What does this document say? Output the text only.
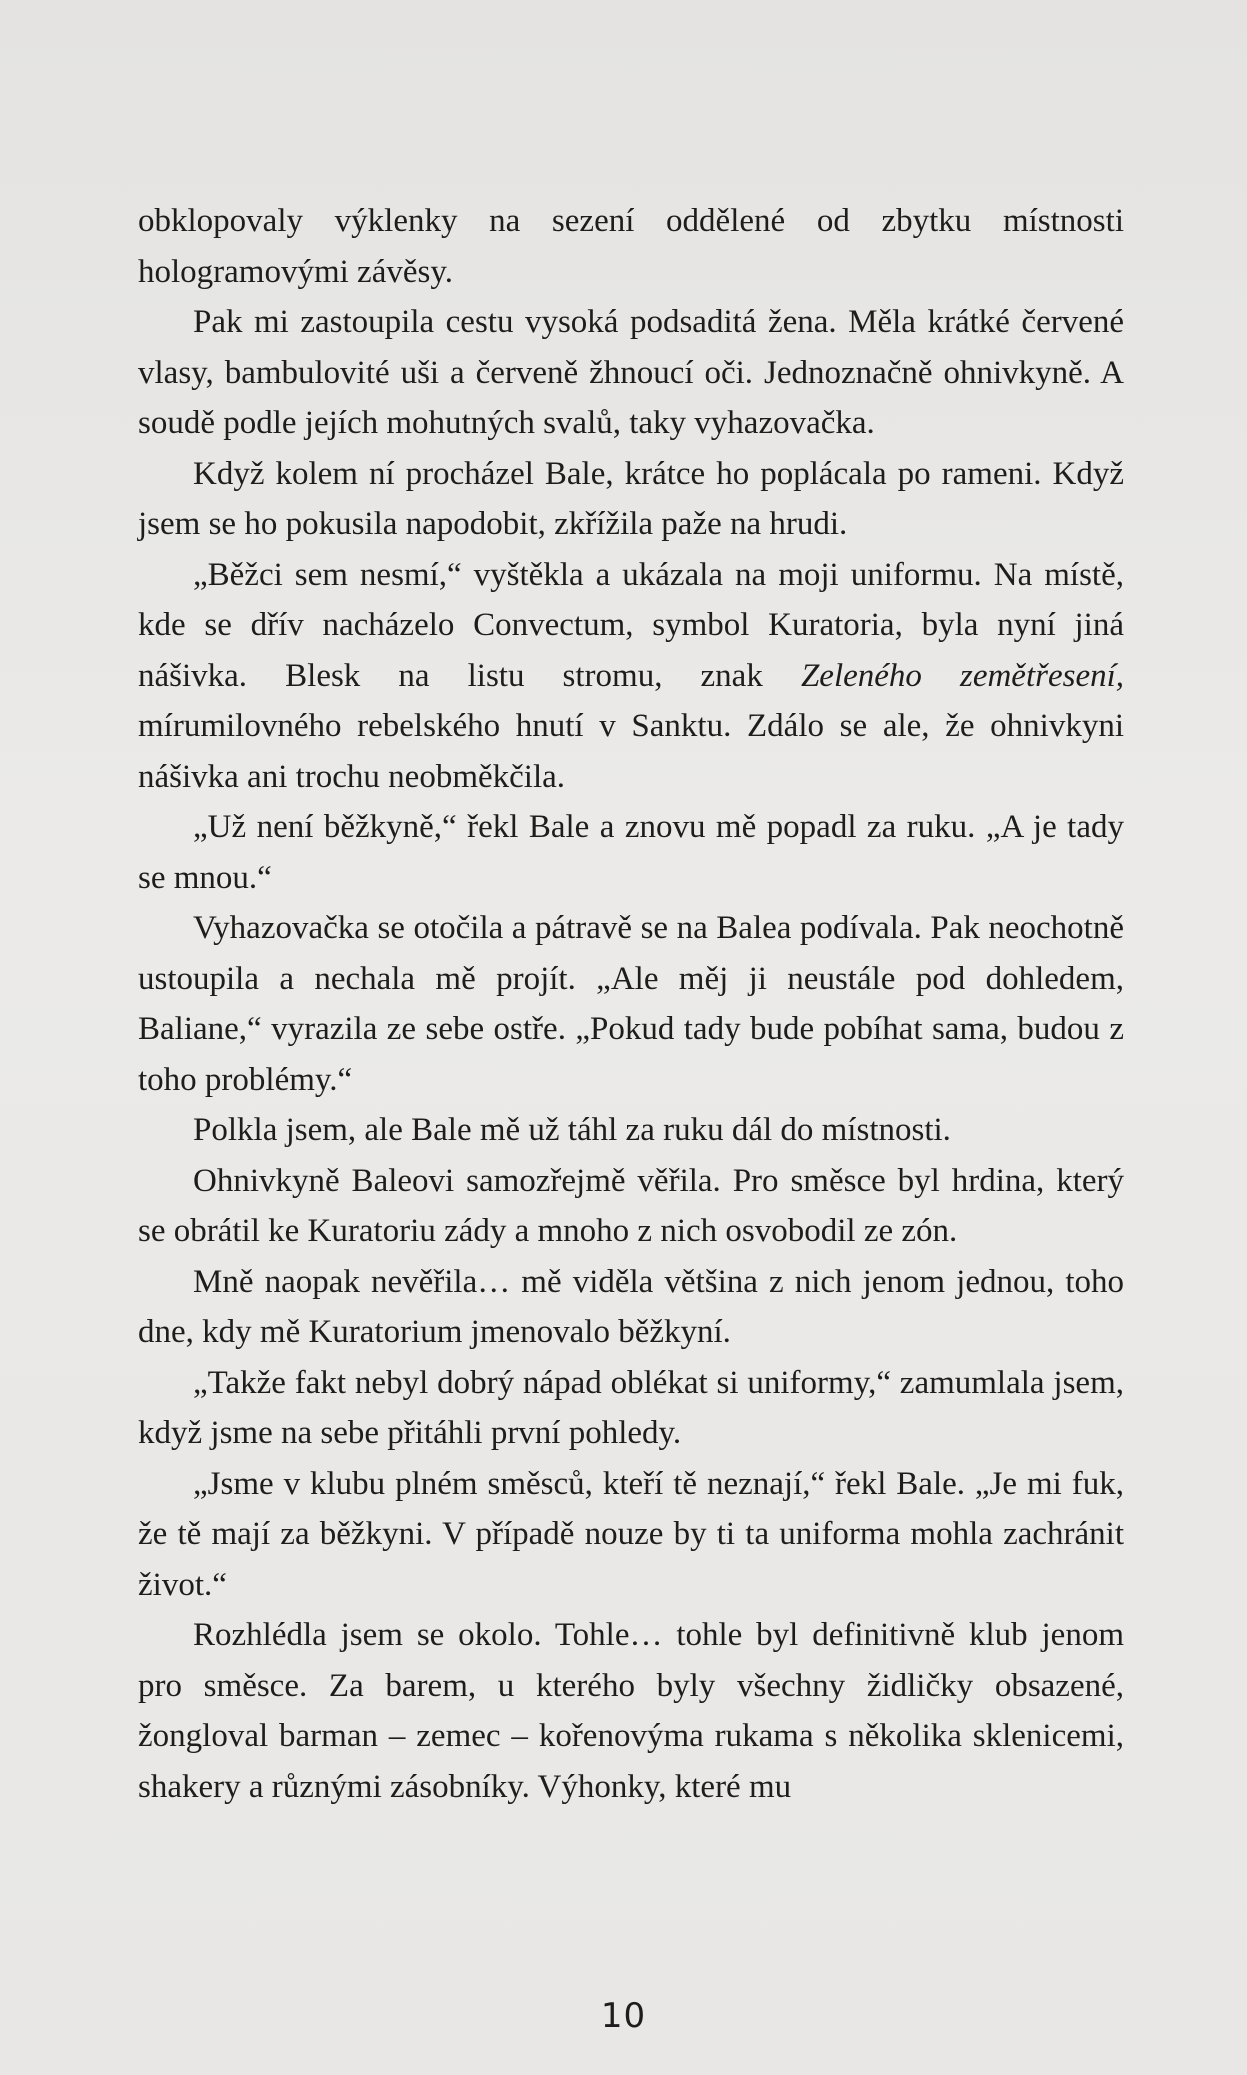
obklopovaly výklenky na sezení oddělené od zbytku místnosti hologramovými závěsy.

Pak mi zastoupila cestu vysoká podsaditá žena. Měla krátké červené vlasy, bambulovité uši a červeně žhnoucí oči. Jednoznačně ohnivkyně. A soudě podle jejích mohutných svalů, taky vyhazovačka.

Když kolem ní procházel Bale, krátce ho poplácala po rameni. Když jsem se ho pokusila napodobit, zkřížila paže na hrudi.

„Běžci sem nesmí,“ vyštěkla a ukázala na moji uniformu. Na místě, kde se dřív nacházelo Convectum, symbol Kuratoria, byla nyní jiná nášivka. Blesk na listu stromu, znak Zeleného zemětřesení, mírumilovného rebelského hnutí v Sanktu. Zdálo se ale, že ohnivkyni nášivka ani trochu neobměkčila.

„Už není běžkyně,“ řekl Bale a znovu mě popadl za ruku. „A je tady se mnou.“

Vyhazovačka se otočila a pátravě se na Balea podívala. Pak neochotně ustoupila a nechala mě projít. „Ale měj ji neustále pod dohledem, Baliane,“ vyrazila ze sebe ostře. „Pokud tady bude pobíhat sama, budou z toho problémy.“

Polkla jsem, ale Bale mě už táhl za ruku dál do místnosti.

Ohnivkyně Baleovi samozřejmě věřila. Pro směsce byl hrdina, který se obrátil ke Kuratoriu zády a mnoho z nich osvobodil ze zón.

Mně naopak nevěřila… mě viděla většina z nich jenom jednou, toho dne, kdy mě Kuratorium jmenovalo běžkyní.

„Takže fakt nebyl dobrý nápad oblékat si uniformy,“ zamumlala jsem, když jsme na sebe přitáhli první pohledy.

„Jsme v klubu plném směsců, kteří tě neznají,“ řekl Bale. „Je mi fuk, že tě mají za běžkyni. V případě nouze by ti ta uniforma mohla zachránit život.“

Rozhlédla jsem se okolo. Tohle… tohle byl definitivně klub jenom pro směsce. Za barem, u kterého byly všechny židličky obsazené, žongloval barman – zemec – kořenovýma rukama s několika sklenicemi, shakery a různými zásobníky. Výhonky, které mu

10
